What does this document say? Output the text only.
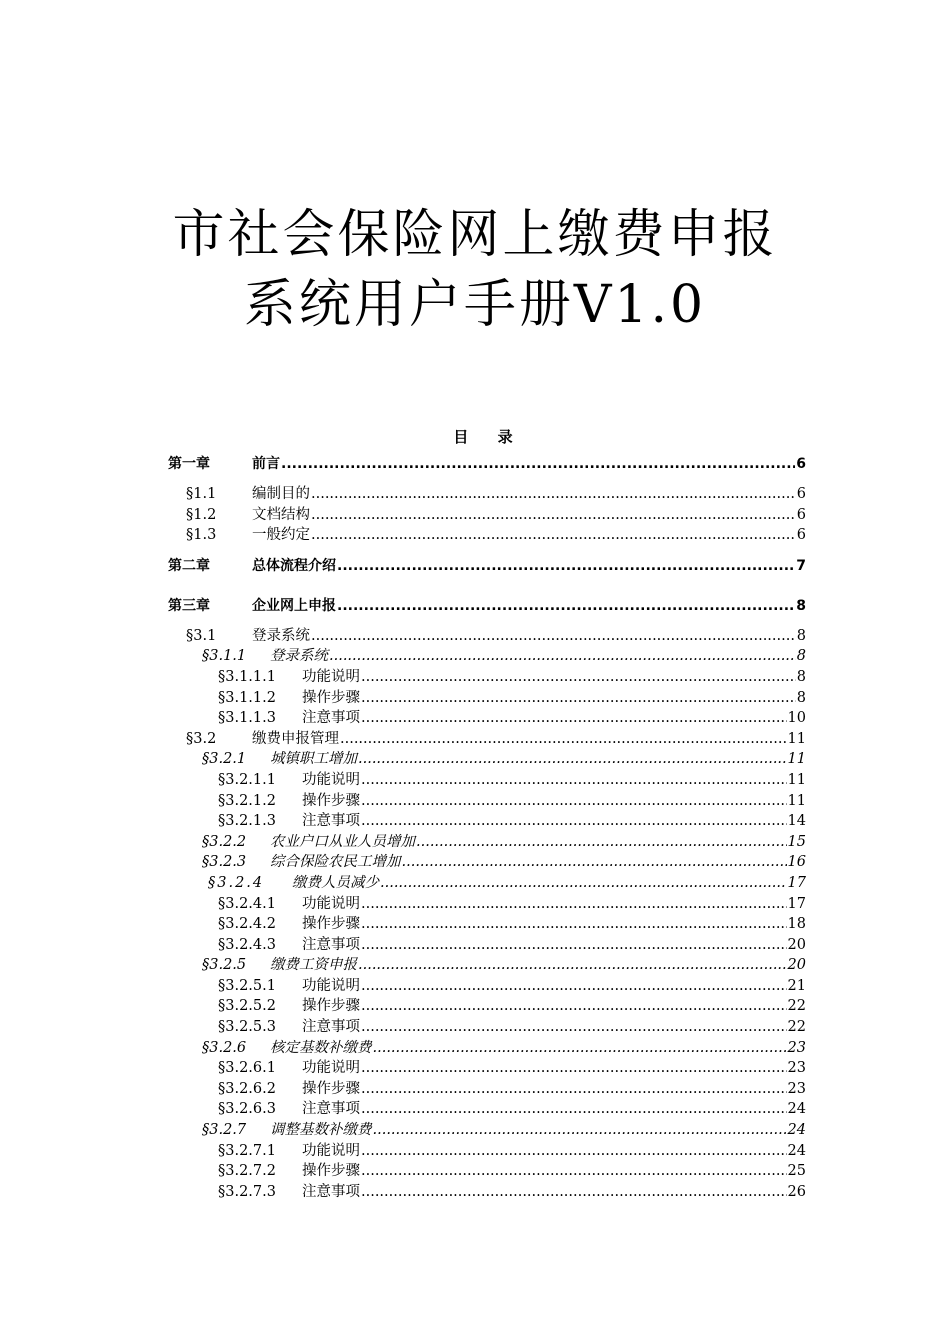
市社会保险网上缴费申报
系统用户手册V1.0
目 录
第一章	前言 .....	6
§1.1	编制目的 .....	6
§1.2	文档结构 .....	6
§1.3	一般约定 .....	6
第二章	总体流程介绍 .....	7
第三章	企业网上申报 .....	8
§3.1	登录系统 .....	8
§3.1.1	登录系统 .....	8
§3.1.1.1	功能说明 .....	8
§3.1.1.2	操作步骤 .....	8
§3.1.1.3	注意事项 .....	10
§3.2	缴费申报管理 .....	11
§3.2.1	城镇职工增加 .....	11
§3.2.1.1	功能说明 .....	11
§3.2.1.2	操作步骤 .....	11
§3.2.1.3	注意事项 .....	14
§3.2.2	农业户口从业人员增加 .....	15
§3.2.3	综合保险农民工增加 .....	16
§3.2.4	缴费人员减少 .....	17
§3.2.4.1	功能说明 .....	17
§3.2.4.2	操作步骤 .....	18
§3.2.4.3	注意事项 .....	20
§3.2.5	缴费工资申报 .....	20
§3.2.5.1	功能说明 .....	21
§3.2.5.2	操作步骤 .....	22
§3.2.5.3	注意事项 .....	22
§3.2.6	核定基数补缴费 .....	23
§3.2.6.1	功能说明 .....	23
§3.2.6.2	操作步骤 .....	23
§3.2.6.3	注意事项 .....	24
§3.2.7	调整基数补缴费 .....	24
§3.2.7.1	功能说明 .....	24
§3.2.7.2	操作步骤 .....	25
§3.2.7.3	注意事项 .....	26
